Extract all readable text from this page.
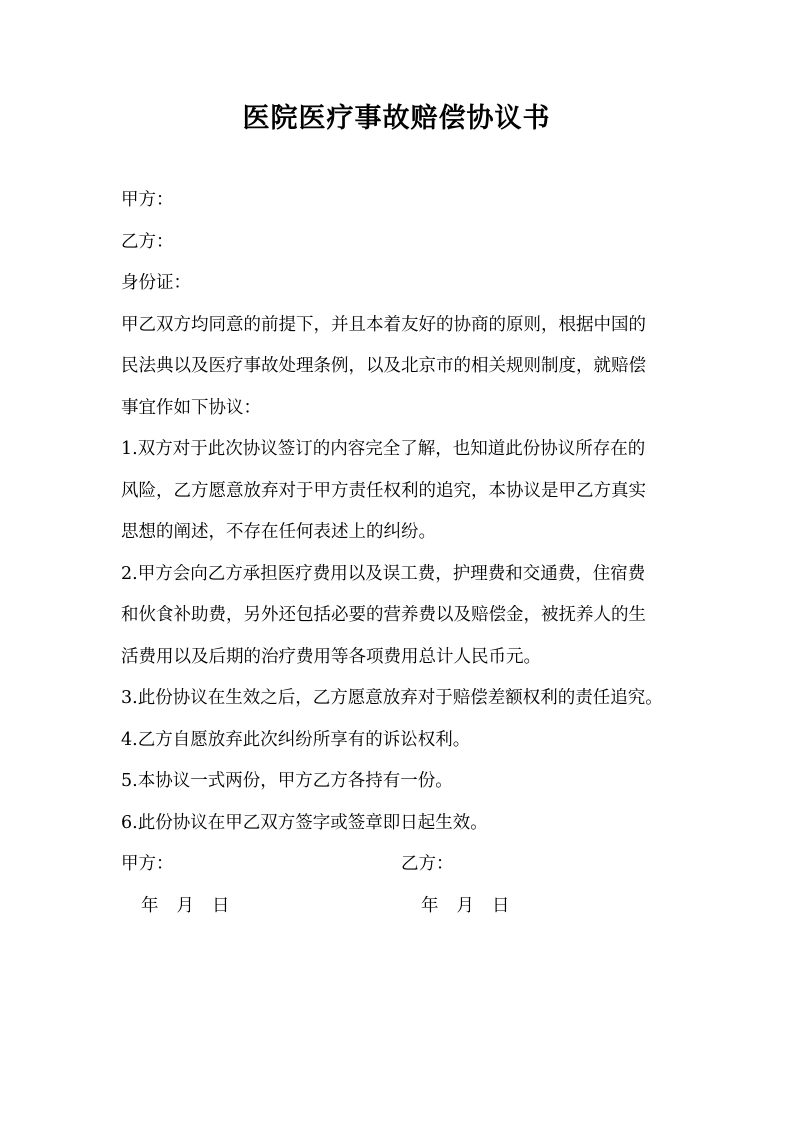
医院医疗事故赔偿协议书
甲方：
乙方：
身份证：
甲乙双方均同意的前提下，并且本着友好的协商的原则，根据中国的
民法典以及医疗事故处理条例，以及北京市的相关规则制度，就赔偿
事宜作如下协议：
1.双方对于此次协议签订的内容完全了解，也知道此份协议所存在的
风险，乙方愿意放弃对于甲方责任权利的追究，本协议是甲乙方真实
思想的阐述，不存在任何表述上的纠纷。
2.甲方会向乙方承担医疗费用以及误工费，护理费和交通费，住宿费
和伙食补助费，另外还包括必要的营养费以及赔偿金，被抚养人的生
活费用以及后期的治疗费用等各项费用总计人民币元。
3.此份协议在生效之后，乙方愿意放弃对于赔偿差额权利的责任追究。
4.乙方自愿放弃此次纠纷所享有的诉讼权利。
5.本协议一式两份，甲方乙方各持有一份。
6.此份协议在甲乙双方签字或签章即日起生效。
甲方：	乙方：
年 月 日	年 月 日
